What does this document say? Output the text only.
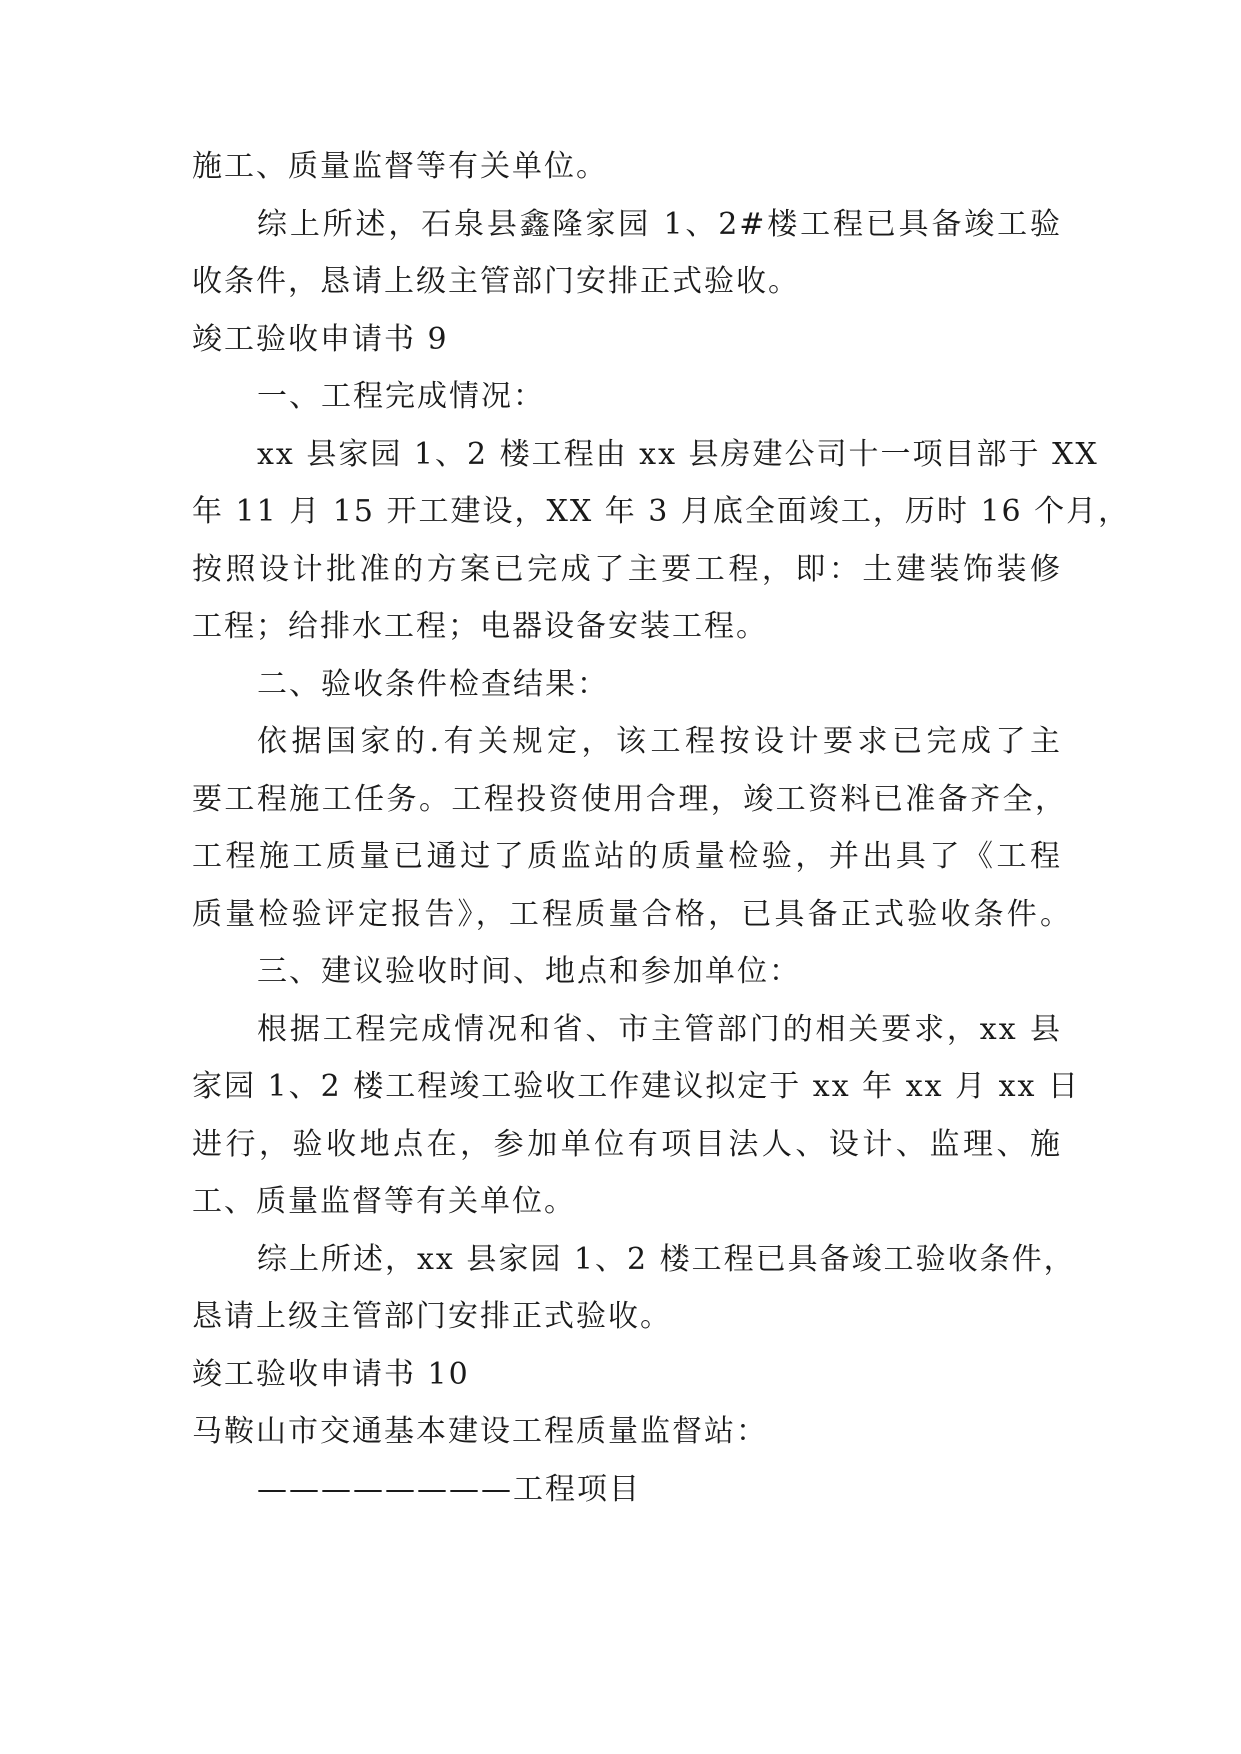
施工、质量监督等有关单位。
综上所述，石泉县鑫隆家园 1、2#楼工程已具备竣工验
收条件，恳请上级主管部门安排正式验收。
竣工验收申请书 9
一、工程完成情况：
xx 县家园 1、2 楼工程由 xx 县房建公司十一项目部于 XX
年 11 月 15 开工建设，XX 年 3 月底全面竣工，历时 16 个月，
按照设计批准的方案已完成了主要工程，即：土建装饰装修
工程；给排水工程；电器设备安装工程。
二、验收条件检查结果：
依据国家的.有关规定，该工程按设计要求已完成了主
要工程施工任务。工程投资使用合理，竣工资料已准备齐全，
工程施工质量已通过了质监站的质量检验，并出具了《工程
质量检验评定报告》，工程质量合格，已具备正式验收条件。
三、建议验收时间、地点和参加单位：
根据工程完成情况和省、市主管部门的相关要求，xx 县
家园 1、2 楼工程竣工验收工作建议拟定于 xx 年 xx 月 xx 日
进行，验收地点在，参加单位有项目法人、设计、监理、施
工、质量监督等有关单位。
综上所述，xx 县家园 1、2 楼工程已具备竣工验收条件，
恳请上级主管部门安排正式验收。
竣工验收申请书 10
马鞍山市交通基本建设工程质量监督站：
————————工程项目
